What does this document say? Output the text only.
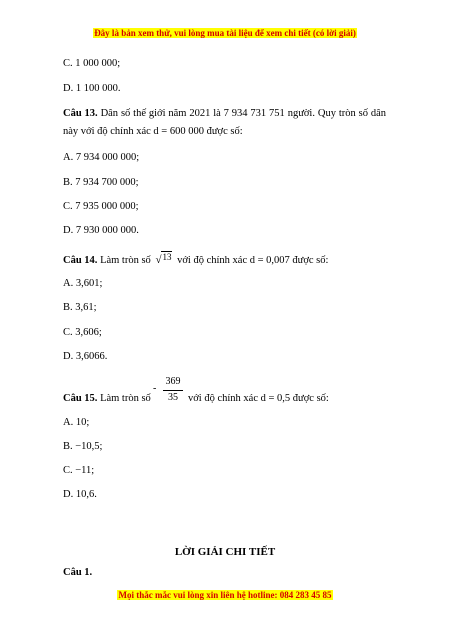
Đây là bản xem thử, vui lòng mua tài liệu để xem chi tiết (có lời giải)
C. 1 000 000;
D. 1 100 000.
Câu 13. Dân số thế giới năm 2021 là 7 934 731 751 người. Quy tròn số dân này với độ chính xác d = 600 000 được số:
A. 7 934 000 000;
B. 7 934 700 000;
C. 7 935 000 000;
D. 7 930 000 000.
Câu 14. Làm tròn số √13 với độ chính xác d = 0,007 được số:
A. 3,601;
B. 3,61;
C. 3,606;
D. 3,6066.
Câu 15. Làm tròn số
-
369
35 với độ chính xác d = 0,5 được số:
A. 10;
B. −10,5;
C. −11;
D. 10,6.
LỜI GIẢI CHI TIẾT
Câu 1.
Mọi thắc mắc vui lòng xin liên hệ hotline: 084 283 45 85
